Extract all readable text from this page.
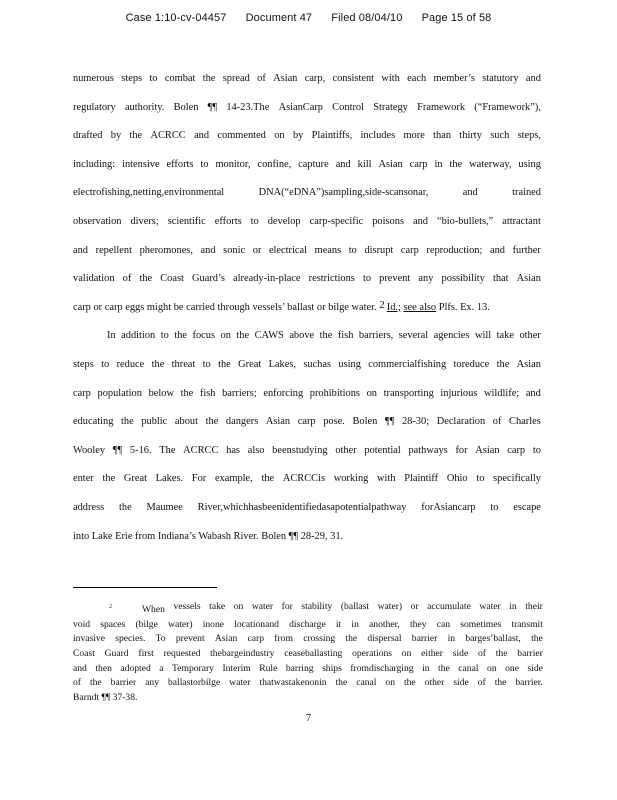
Case 1:10-cv-04457 Document 47 Filed 08/04/10 Page 15 of 58
numerous steps to combat the spread of Asian carp, consistent with each member’s statutory and
regulatory authority. Bolen ¶¶ 14-23.The AsianCarp Control Strategy Framework (“Framework”),
drafted by the ACRCC and commented on by Plaintiffs, includes more than thirty such steps,
including: intensive efforts to monitor, confine, capture and kill Asian carp in the waterway, using
electrofishing,netting,environmental	DNA(“eDNA”)sampling,side-scansonar,	and	trained
observation divers; scientific efforts to develop carp-specific poisons and “bio-bullets,” attractant
and repellent pheromones, and sonic or electrical means to disrupt carp reproduction; and further
validation of the Coast Guard’s already-in-place restrictions to prevent any possibility that Asian
carp or carp eggs might be carried through vessels’ ballast or bilge water.
2 Id.;
see also
Plfs. Ex. 13.
In addition to the focus on the CAWS above the fish barriers, several agencies will take other
steps to reduce the threat to the Great Lakes, suchas using commercialfishing toreduce the Asian
carp population below the fish barriers; enforcing prohibitions on transporting injurious wildlife; and
educating the public about the dangers Asian carp pose. Bolen ¶¶ 28-30; Declaration of Charles
Wooley ¶¶ 5-16. The ACRCC has also beenstudying other potential pathways for Asian carp to
enter the Great Lakes. For example, the ACRCCis working with Plaintiff Ohio to specifically
address the Maumee River,whichhasbeenidentifiedasapotentialpathway forAsiancarp to escape
into Lake Erie from Indiana’s Wabash River. Bolen ¶¶ 28-29, 31.
$^2$	When vessels take on water for stability (ballast water) or accumulate water in their
void spaces (bilge water) inone locationand discharge it in another, they can sometimes transmit
invasive species. To prevent Asian carp from crossing the dispersal barrier in barges’ballast, the
Coast Guard first requested thebargeindustry ceaseballasting operations on either side of the barrier
and then adopted a Temporary Interim Rule barring ships fromdischarging in the canal on one side
of the barrier any ballastorbilge water thatwastakenonin the canal on the other side of the barrier.
Barndt ¶¶ 37-38.
7
